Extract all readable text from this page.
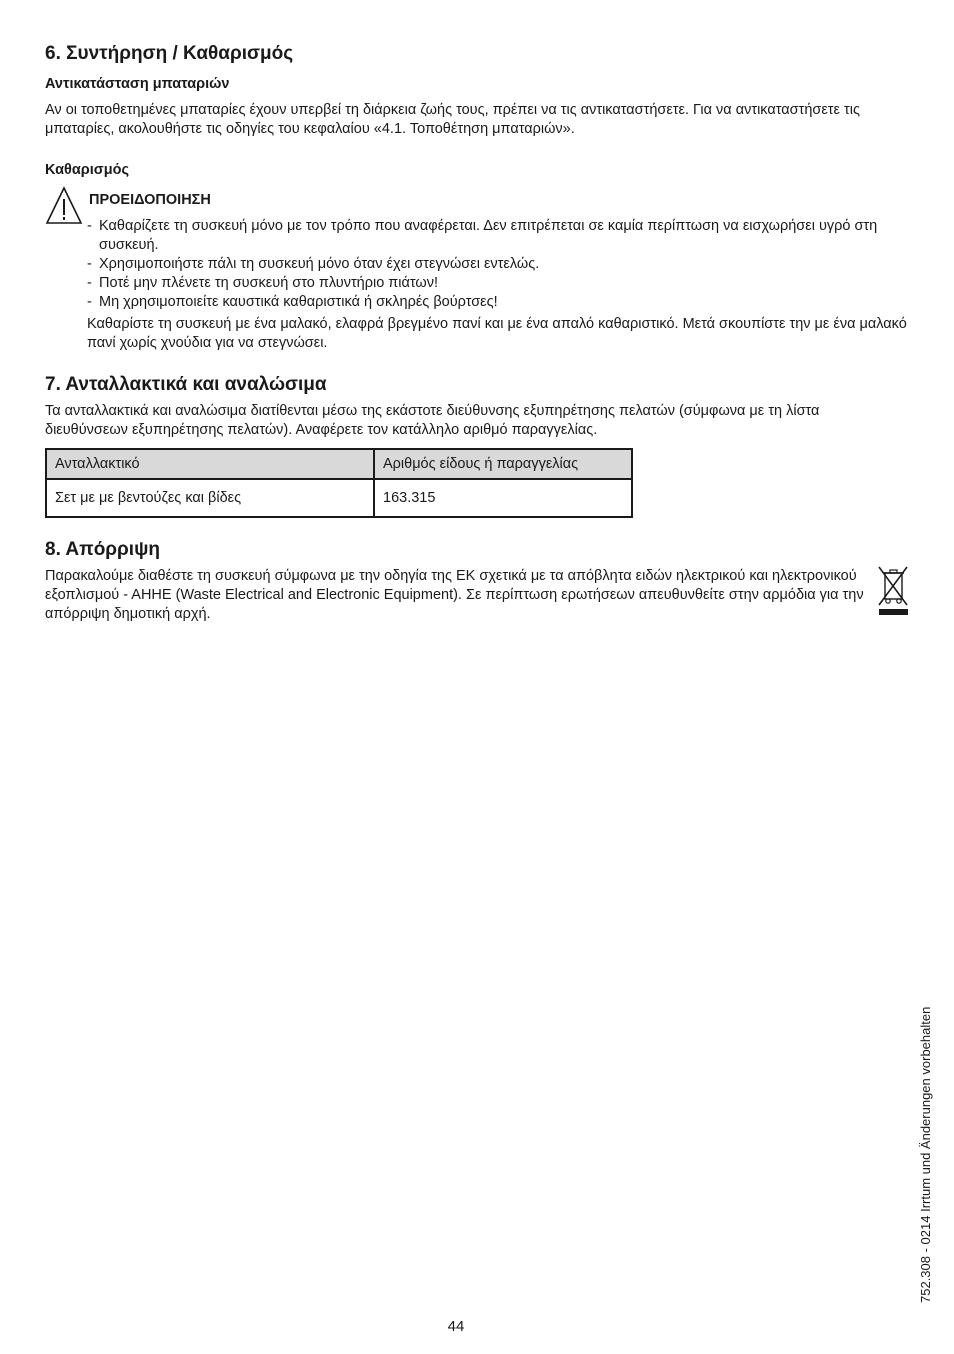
6. Συντήρηση / Καθαρισμός
Αντικατάσταση μπαταριών

Αν οι τοποθετημένες μπαταρίες έχουν υπερβεί τη διάρκεια ζωής τους, πρέπει να τις αντικαταστήσετε. Για να αντικαταστήσετε τις μπαταρίες, ακολουθήστε τις οδηγίες του κεφαλαίου «4.1. Τοποθέτηση μπαταριών».

Καθαρισμός
ΠΡΟΕΙΔΟΠΟΙΗΣΗ
- Καθαρίζετε τη συσκευή μόνο με τον τρόπο που αναφέρεται. Δεν επιτρέπεται σε καμία περίπτωση να εισχωρήσει υγρό στη συσκευή.
- Χρησιμοποιήστε πάλι τη συσκευή μόνο όταν έχει στεγνώσει εντελώς.
- Ποτέ μην πλένετε τη συσκευή στο πλυντήριο πιάτων!
- Μη χρησιμοποιείτε καυστικά καθαριστικά ή σκληρές βούρτσες!

Καθαρίστε τη συσκευή με ένα μαλακό, ελαφρά βρεγμένο πανί και με ένα απαλό καθαριστικό. Μετά σκουπίστε την με ένα μαλακό πανί χωρίς χνούδια για να στεγνώσει.

7. Ανταλλακτικά και αναλώσιμα

Τα ανταλλακτικά και αναλώσιμα διατίθενται μέσω της εκάστοτε διεύθυνσης εξυπηρέτησης πελατών (σύμφωνα με τη λίστα διευθύνσεων εξυπηρέτησης πελατών). Αναφέρετε τον κατάλληλο αριθμό παραγγελίας.

Ανταλλακτικό	Αριθμός είδους ή παραγγελίας
Σετ με με βεντούζες και βίδες	163.315
8. Απόρριψη

Παρακαλούμε διαθέστε τη συσκευή σύμφωνα με την οδηγία της ΕΚ σχετικά με τα απόβλητα ειδών ηλεκτρικού και ηλεκτρονικού εξοπλισμού - ΑΗΗΕ (Waste Electrical and Electronic Equipment). Σε περίπτωση ερωτήσεων απευθυνθείτε στην αρμόδια για την απόρριψη δημοτική αρχή.

752.308 - 0214 Irrtum und Änderungen vorbehalten
44
